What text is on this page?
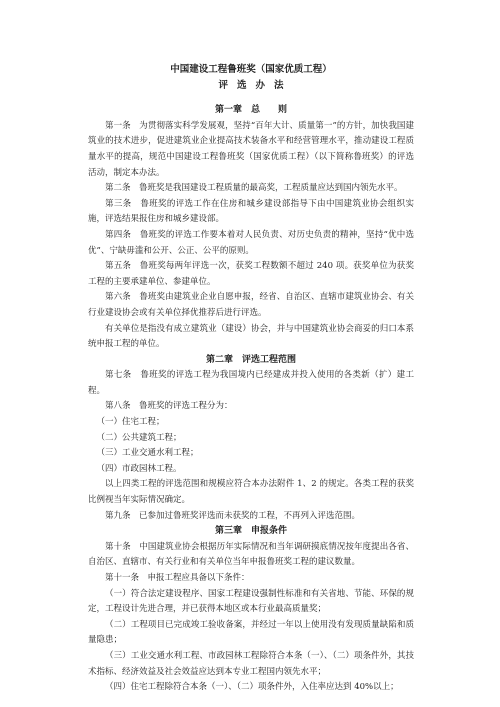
中国建设工程鲁班奖（国家优质工程）
评选办法
第一章　总　　则

第一条　为贯彻落实科学发展观，坚持“百年大计、质量第一”的方针，加快我国建筑业的技术进步，促进建筑业企业提高技术装备水平和经营管理水平，推动建设工程质量水平的提高，规范中国建设工程鲁班奖（国家优质工程）（以下简称鲁班奖）的评选活动，制定本办法。

第二条　鲁班奖是我国建设工程质量的最高奖，工程质量应达到国内领先水平。

第三条　鲁班奖的评选工作在住房和城乡建设部指导下由中国建筑业协会组织实施，评选结果报住房和城乡建设部。

第四条　鲁班奖的评选工作要本着对人民负责、对历史负责的精神，坚持“优中选优”、宁缺毋滥和公开、公正、公平的原则。

第五条　鲁班奖每两年评选一次，获奖工程数额不超过 240 项。获奖单位为获奖工程的主要承建单位、参建单位。

第六条　鲁班奖由建筑业企业自愿申报，经省、自治区、直辖市建筑业协会、有关行业建设协会或有关单位择优推荐后进行评选。

有关单位是指没有成立建筑业（建设）协会，并与中国建筑业协会商妥的归口本系统申报工程的单位。

第二章　评选工程范围

第七条　鲁班奖的评选工程为我国境内已经建成并投入使用的各类新（扩）建工程。

第八条　鲁班奖的评选工程分为：

（一）住宅工程；

（二）公共建筑工程；

（三）工业交通水利工程；

（四）市政园林工程。

以上四类工程的评选范围和规模应符合本办法附件 1、2 的规定。各类工程的获奖比例视当年实际情况确定。

第九条　已参加过鲁班奖评选而未获奖的工程，不再列入评选范围。

第三章　申报条件

第十条　中国建筑业协会根据历年实际情况和当年调研摸底情况按年度提出各省、自治区、直辖市、有关行业和有关单位当年申报鲁班奖工程的建议数量。

第十一条　申报工程应具备以下条件：

（一）符合法定建设程序、国家工程建设强制性标准和有关省地、节能、环保的规定，工程设计先进合理，并已获得本地区或本行业最高质量奖；

（二）工程项目已完成竣工验收备案，并经过一年以上使用没有发现质量缺陷和质量隐患；

（三）工业交通水利工程、市政园林工程除符合本条（一）、（二）项条件外，其技术指标、经济效益及社会效益应达到本专业工程国内领先水平；

（四）住宅工程除符合本条（一）、（二）项条件外，入住率应达到 40%以上；
